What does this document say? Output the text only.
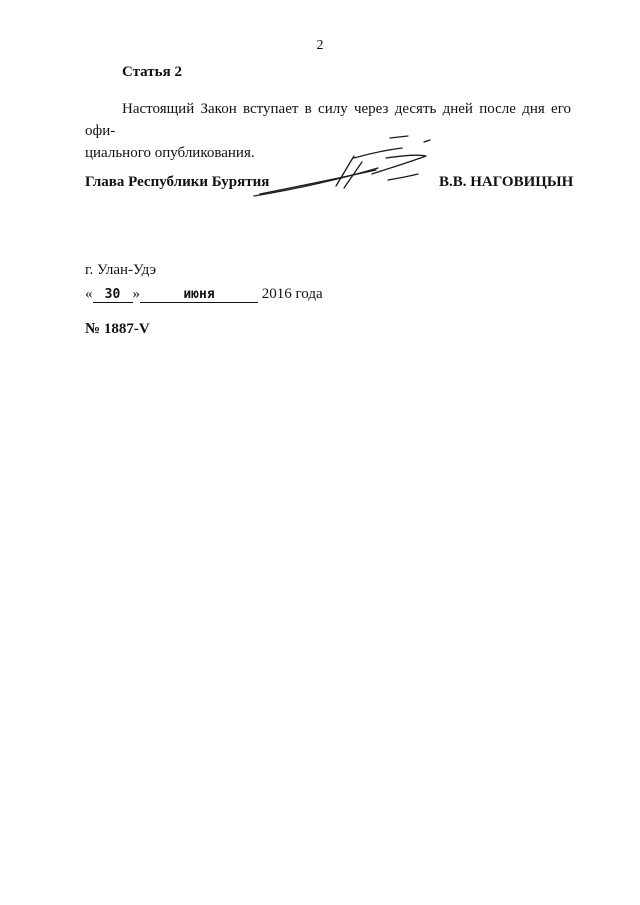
2
Статья 2
Настоящий Закон вступает в силу через десять дней после дня его офи-
циального опубликования.
Глава Республики Бурятия	В.В. НАГОВИЦЫН
г. Улан-Удэ
« 30 »	июня	2016 года
№ 1887-V
